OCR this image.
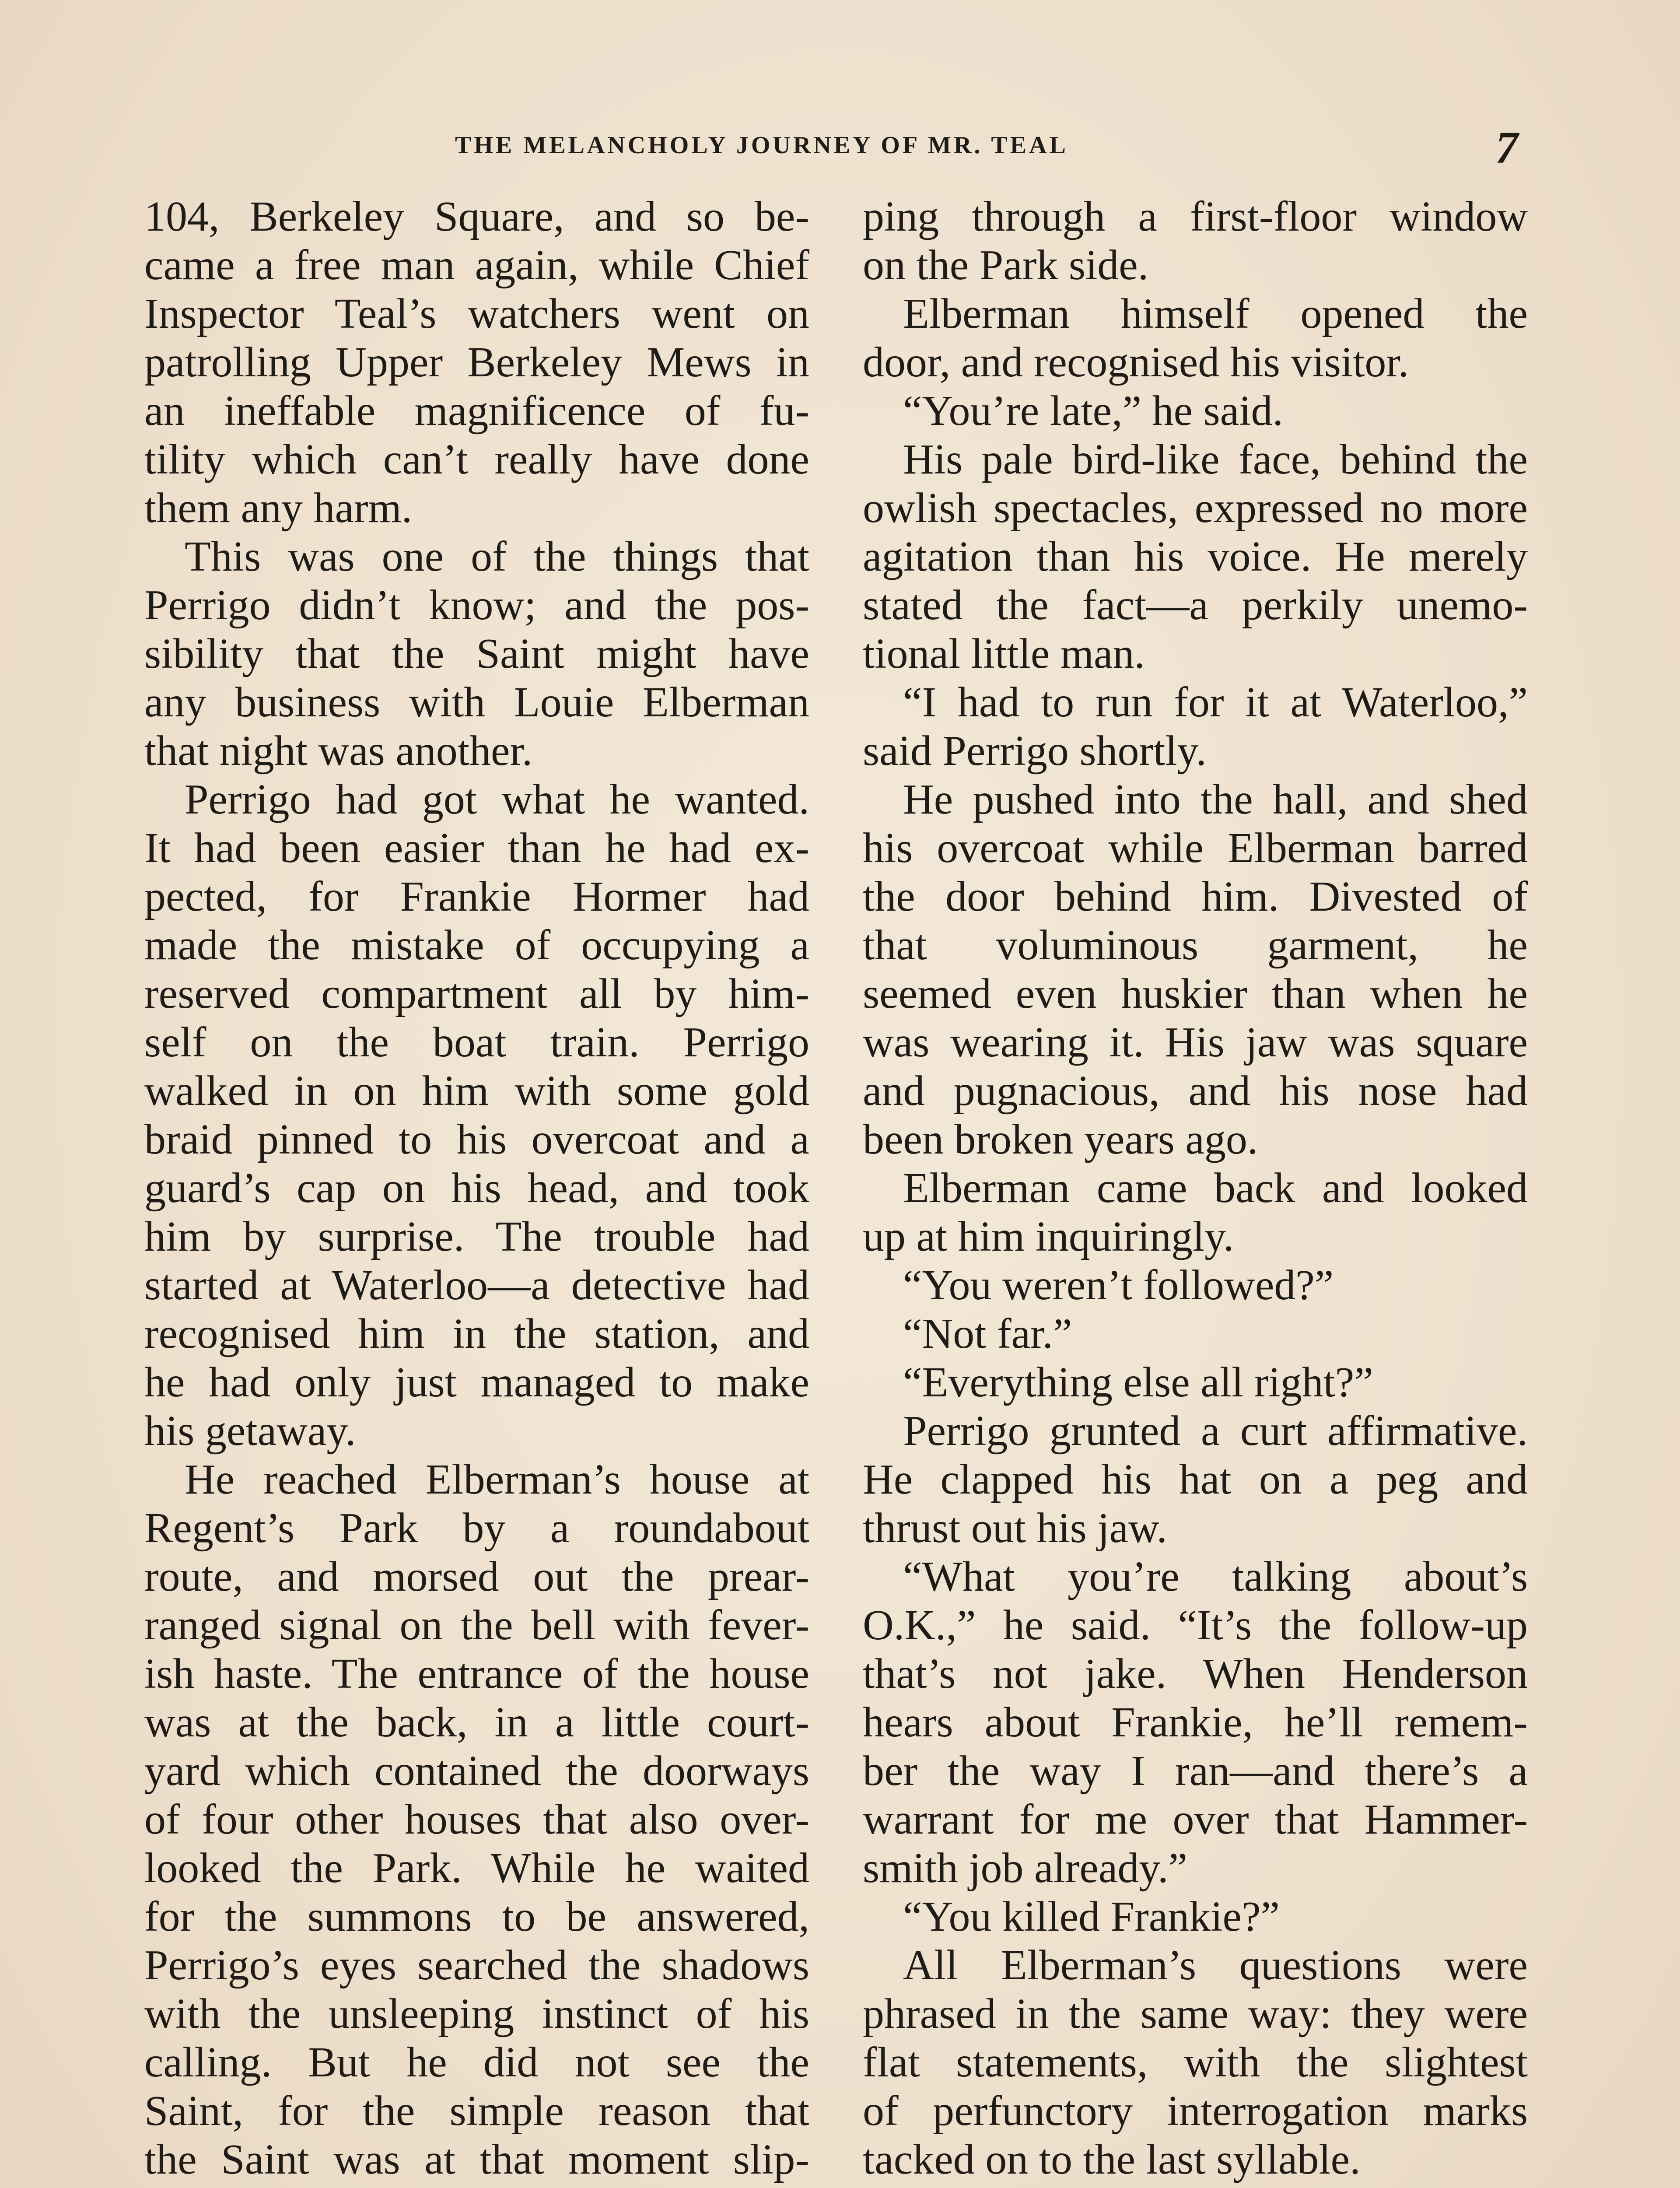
THE MELANCHOLY JOURNEY OF MR. TEAL	7
104, Berkeley Square, and so be-
came a free man again, while Chief
Inspector Teal’s watchers went on
patrolling Upper Berkeley Mews in
an ineffable magnificence of fu-
tility which can’t really have done
them any harm.
This was one of the things that
Perrigo didn’t know; and the pos-
sibility that the Saint might have
any business with Louie Elberman
that night was another.
Perrigo had got what he wanted.
It had been easier than he had ex-
pected, for Frankie Hormer had
made the mistake of occupying a
reserved compartment all by him-
self on the boat train. Perrigo
walked in on him with some gold
braid pinned to his overcoat and a
guard’s cap on his head, and took
him by surprise. The trouble had
started at Waterloo—a detective had
recognised him in the station, and
he had only just managed to make
his getaway.
He reached Elberman’s house at
Regent’s Park by a roundabout
route, and morsed out the prear-
ranged signal on the bell with fever-
ish haste. The entrance of the house
was at the back, in a little court-
yard which contained the doorways
of four other houses that also over-
looked the Park. While he waited
for the summons to be answered,
Perrigo’s eyes searched the shadows
with the unsleeping instinct of his
calling. But he did not see the
Saint, for the simple reason that
the Saint was at that moment slip-
ping through a first-floor window
on the Park side.
Elberman himself opened the
door, and recognised his visitor.
“You’re late,” he said.
His pale bird-like face, behind the
owlish spectacles, expressed no more
agitation than his voice. He merely
stated the fact—a perkily unemo-
tional little man.
“I had to run for it at Waterloo,”
said Perrigo shortly.
He pushed into the hall, and shed
his overcoat while Elberman barred
the door behind him. Divested of
that voluminous garment, he
seemed even huskier than when he
was wearing it. His jaw was square
and pugnacious, and his nose had
been broken years ago.
Elberman came back and looked
up at him inquiringly.
“You weren’t followed?”
“Not far.”
“Everything else all right?”
Perrigo grunted a curt affirmative.
He clapped his hat on a peg and
thrust out his jaw.
“What you’re talking about’s
O.K.,” he said. “It’s the follow-up
that’s not jake. When Henderson
hears about Frankie, he’ll remem-
ber the way I ran—and there’s a
warrant for me over that Hammer-
smith job already.”
“You killed Frankie?”
All Elberman’s questions were
phrased in the same way: they were
flat statements, with the slightest
of perfunctory interrogation marks
tacked on to the last syllable.
